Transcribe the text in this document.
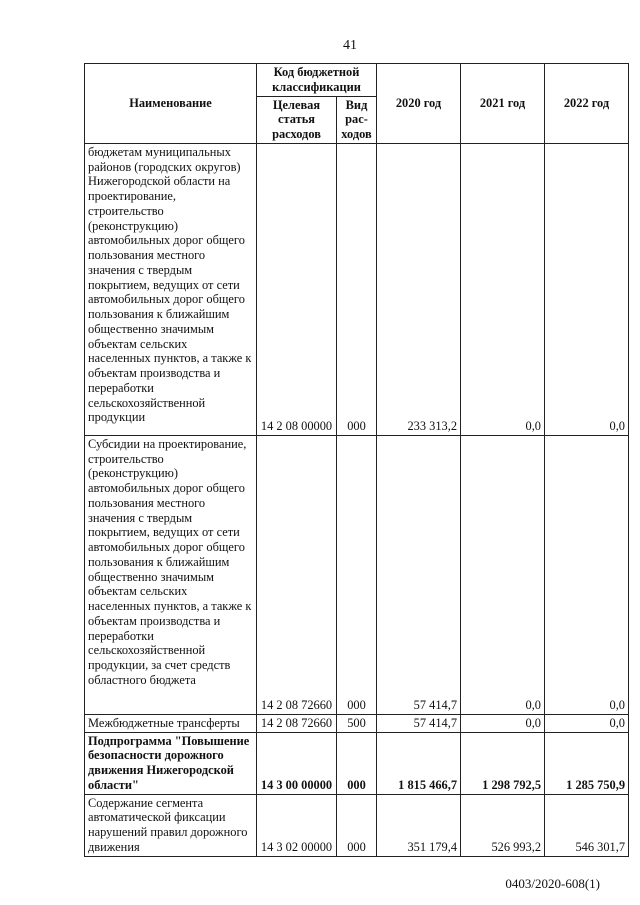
41
Наименование	Код бюджетной классификации		2020 год	2021 год	2022 год
	Целевая статья расходов	Вид рас-ходов			
бюджетам муниципальных районов (городских округов) Нижегородской области на проектирование, строительство (реконструкцию) автомобильных дорог общего пользования местного значения с твердым покрытием, ведущих от сети автомобильных дорог общего пользования к ближайшим общественно значимым объектам сельских населенных пунктов, а также к объектам производства и переработки сельскохозяйственной продукции	14 2 08 00000	000	233 313,2	0,0	0,0
Субсидии на проектирование, строительство (реконструкцию) автомобильных дорог общего пользования местного значения с твердым покрытием, ведущих от сети автомобильных дорог общего пользования к ближайшим общественно значимым объектам сельских населенных пунктов, а также к объектам производства и переработки сельскохозяйственной продукции, за счет средств областного бюджета	14 2 08 72660	000	57 414,7	0,0	0,0
Межбюджетные трансферты	14 2 08 72660	500	57 414,7	0,0	0,0
Подпрограмма "Повышение безопасности дорожного движения Нижегородской области"	14 3 00 00000	000	1 815 466,7	1 298 792,5	1 285 750,9
Содержание сегмента автоматической фиксации нарушений правил дорожного движения	14 3 02 00000	000	351 179,4	526 993,2	546 301,7
0403/2020-608(1)
